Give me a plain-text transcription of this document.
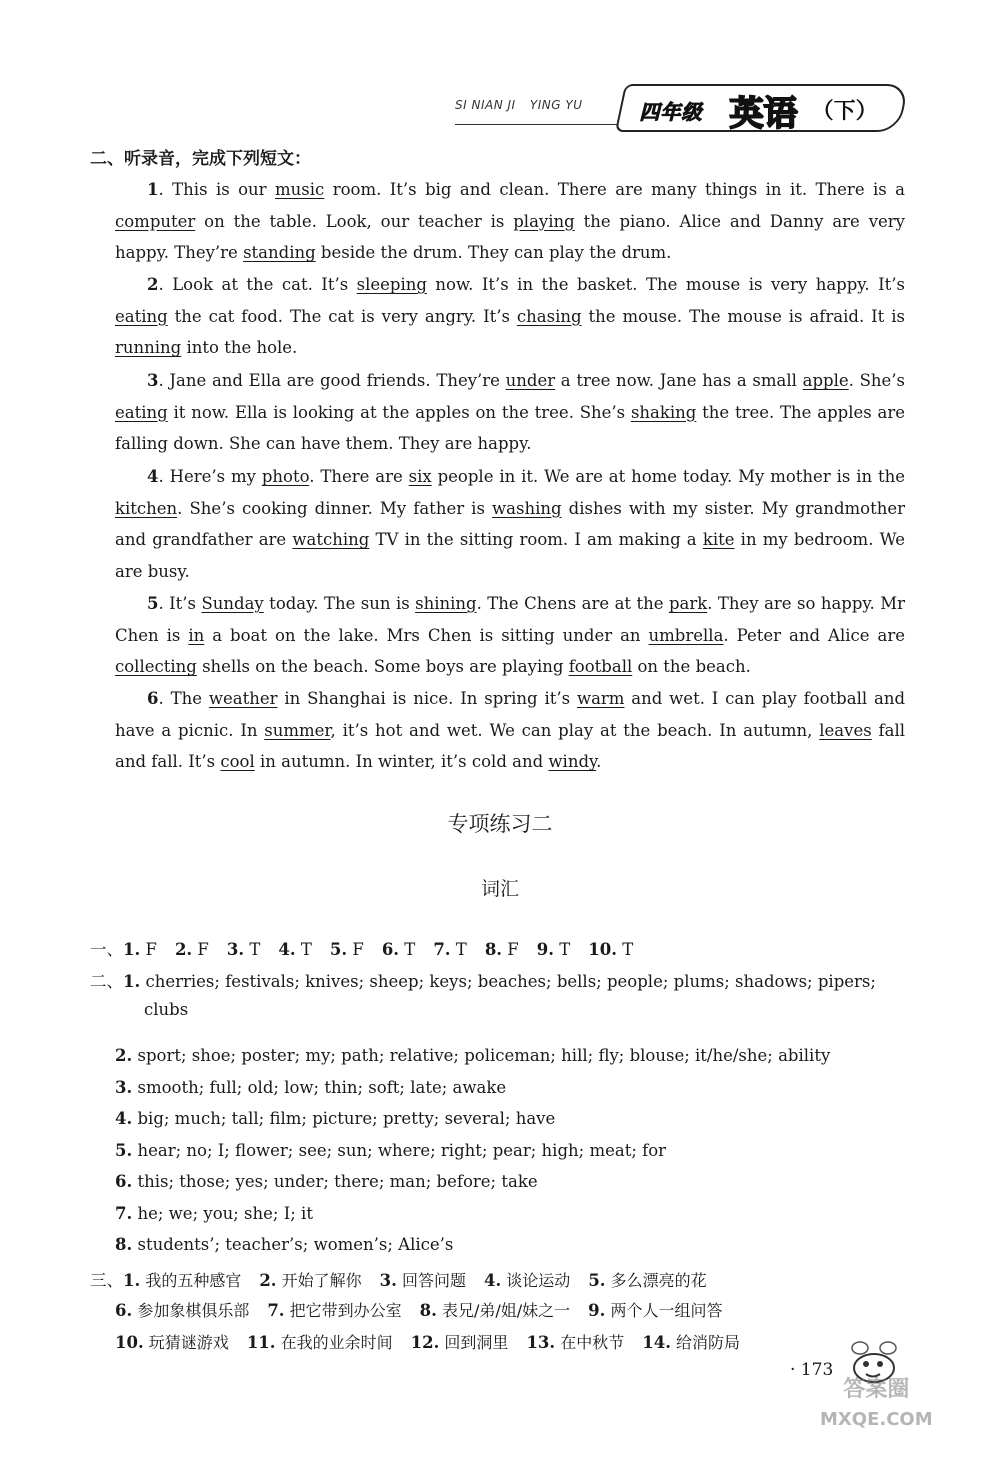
SI NIAN JI YING YU	四年级 英语 （下）
二、听录音，完成下列短文：

1. This is our music room. It’s big and clean. There are many things in it. There is a computer on the table. Look, our teacher is playing the piano. Alice and Danny are very happy. They’re standing beside the drum. They can play the drum.

2. Look at the cat. It’s sleeping now. It’s in the basket. The mouse is very happy. It’s eating the cat food. The cat is very angry. It’s chasing the mouse. The mouse is afraid. It is running into the hole.

3. Jane and Ella are good friends. They’re under a tree now. Jane has a small apple. She’s eating it now. Ella is looking at the apples on the tree. She’s shaking the tree. The apples are falling down. She can have them. They are happy.

4. Here’s my photo. There are six people in it. We are at home today. My mother is in the kitchen. She’s cooking dinner. My father is washing dishes with my sister. My grandmother and grandfather are watching TV in the sitting room. I am making a kite in my bedroom. We are busy.

5. It’s Sunday today. The sun is shining. The Chens are at the park. They are so happy. Mr Chen is in a boat on the lake. Mrs Chen is sitting under an umbrella. Peter and Alice are collecting shells on the beach. Some boys are playing football on the beach.

6. The weather in Shanghai is nice. In spring it’s warm and wet. I can play football and have a picnic. In summer, it’s hot and wet. We can play at the beach. In autumn, leaves fall and fall. It’s cool in autumn. In winter, it’s cold and windy.

专项练习二
词汇
一、1. F 2. F 3. T 4. T 5. F 6. T 7. T 8. F 9. T 10. T
二、1. cherries; festivals; knives; sheep; keys; beaches; bells; people; plums; shadows; pipers;
clubs
2. sport; shoe; poster; my; path; relative; policeman; hill; fly; blouse; it/he/she; ability
3. smooth; full; old; low; thin; soft; late; awake
4. big; much; tall; film; picture; pretty; several; have
5. hear; no; I; flower; see; sun; where; right; pear; high; meat; for
6. this; those; yes; under; there; man; before; take
7. he; we; you; she; I; it
8. students’; teacher’s; women’s; Alice’s
三、1. 我的五种感官 2. 开始了解你 3. 回答问题 4. 谈论运动 5. 多么漂亮的花
6. 参加象棋俱乐部 7. 把它带到办公室 8. 表兄/弟/姐/妹之一 9. 两个人一组问答
10. 玩猜谜游戏 11. 在我的业余时间 12. 回到洞里 13. 在中秋节 14. 给消防局
· 173
答案圈
MXQE.COM
